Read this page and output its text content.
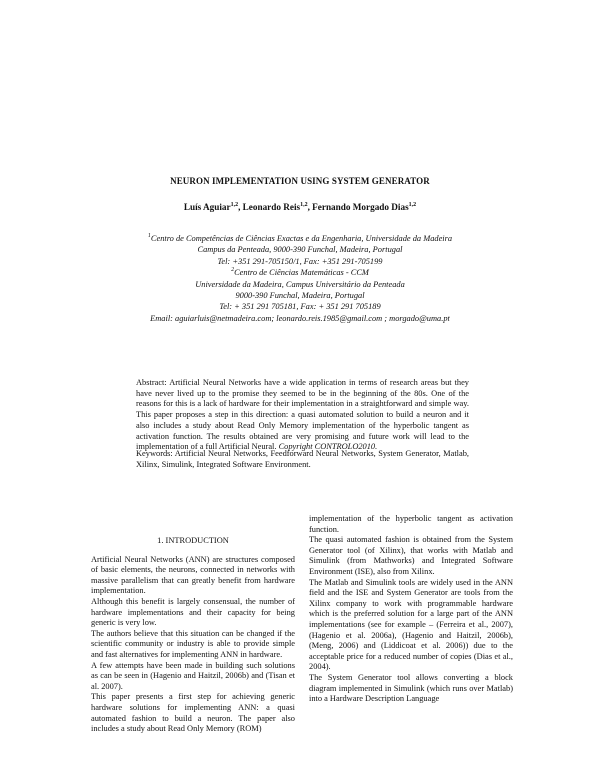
NEURON IMPLEMENTATION USING SYSTEM GENERATOR
Luís Aguiar$^{1,2}$, Leonardo Reis$^{1,2}$, Fernando Morgado Dias$^{1,2}$
$^1$Centro de Competências de Ciências Exactas e da Engenharia, Universidade da Madeira
Campus da Penteada, 9000-390 Funchal, Madeira, Portugal
Tel: +351 291-705150/1, Fax: +351 291-705199
$^2$Centro de Ciências Matemáticas - CCM
Universidade da Madeira, Campus Universitário da Penteada
9000-390 Funchal, Madeira, Portugal
Tel: + 351 291 705181, Fax: + 351 291 705189
Email: aguiarluis@netmadeira.com; leonardo.reis.1985@gmail.com ; morgado@uma.pt
Abstract: Artificial Neural Networks have a wide application in terms of research areas but they have never lived up to the promise they seemed to be in the beginning of the 80s. One of the reasons for this is a lack of hardware for their implementation in a straightforward and simple way. This paper proposes a step in this direction: a quasi automated solution to build a neuron and it also includes a study about Read Only Memory implementation of the hyperbolic tangent as activation function. The results obtained are very promising and future work will lead to the implementation of a full Artificial Neural. Copyright CONTROLO2010.
Keywords: Artificial Neural Networks, Feedforward Neural Networks, System Generator, Matlab, Xilinx, Simulink, Integrated Software Environment.

1. INTRODUCTION

Artificial Neural Networks (ANN) are structures composed of basic elements, the neurons, connected in networks with massive parallelism that can greatly benefit from hardware implementation.

Although this benefit is largely consensual, the number of hardware implementations and their capacity for being generic is very low.

The authors believe that this situation can be changed if the scientific community or industry is able to provide simple and fast alternatives for implementing ANN in hardware.

A few attempts have been made in building such solutions as can be seen in (Hagenio and Haitzil, 2006b) and (Tisan et al. 2007).

This paper presents a first step for achieving generic hardware solutions for implementing ANN: a quasi automated fashion to build a neuron. The paper also includes a study about Read Only Memory (ROM)

implementation of the hyperbolic tangent as activation function.

The quasi automated fashion is obtained from the System Generator tool (of Xilinx), that works with Matlab and Simulink (from Mathworks) and Integrated Software Environment (ISE), also from Xilinx.

The Matlab and Simulink tools are widely used in the ANN field and the ISE and System Generator are tools from the Xilinx company to work with programmable hardware which is the preferred solution for a large part of the ANN implementations (see for example – (Ferreira et al., 2007), (Hagenio et al. 2006a), (Hagenio and Haitzil, 2006b), (Meng, 2006) and (Liddicoat et al. 2006)) due to the acceptable price for a reduced number of copies (Dias et al., 2004).

The System Generator tool allows converting a block diagram implemented in Simulink (which runs over Matlab) into a Hardware Description Language
